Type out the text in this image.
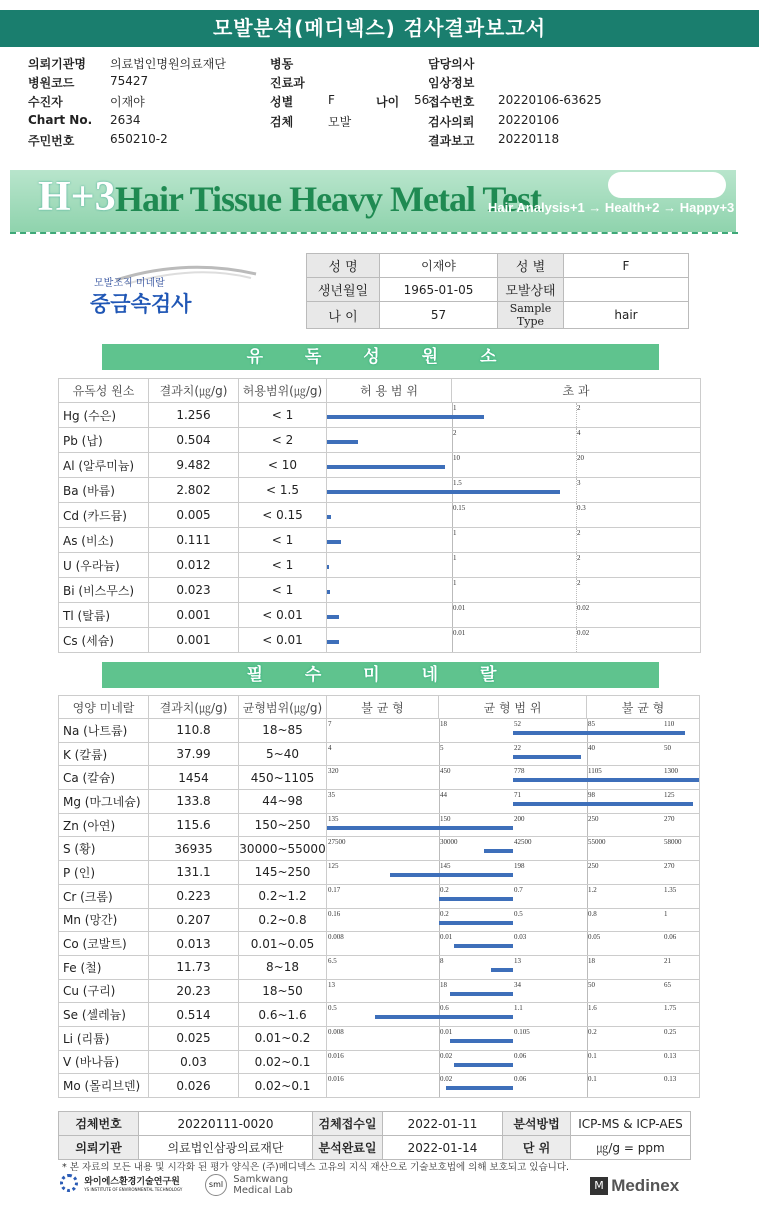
모발분석(메디넥스) 검사결과보고서
의뢰기관명 의료법인명원의료재단
병원코드	75427
수진자	이재야
Chart No. 2634
주민번호	650210-2
병동
진료과
성별	F
검체	모발
담당의사
임상정보
접수번호 20220106-63625
검사의뢰 20220106
결과보고 20220118
나이 56
H+3 Hair Tissue Heavy Metal Test
Hair Analysis+1 → Health+2 → Happy+3
모발조직 미네랄
중금속검사
성 명	이재야	성 별	F
생년월일	1965-01-05	모발상태	
나 이	57	Sample Type	hair
유 독 성 원 소
유독성 원소	결과치(㎍/g)	허용범위(㎍/g)	허 용 범 위	초 과
Hg (수은)	1.256	< 1	1 2	

Pb (납)	0.504	< 2	2 4	

Al (알루미늄)	9.482	< 10	10 20	

Ba (바륨)	2.802	< 1.5	1.5 3	

Cd (카드뮴)	0.005	< 0.15	0.15 0.3	

As (비소)	0.111	< 1	1 2	

U (우라늄)	0.012	< 1	1 2	

Bi (비스무스)	0.023	< 1	1 2	

Tl (탈륨)	0.001	< 0.01	0.01 0.02	

Cs (세슘)	0.001	< 0.01	0.01 0.02	
필 수 미 네 랄
영양 미네랄	결과치(㎍/g)	균형범위(㎍/g)	불 균 형	균 형 범 위	불 균 형
Na (나트륨)	110.8	18~85	7 18 52 85 110		

K (칼륨)	37.99	5~40	4 5 22 40 50		

Ca (칼슘)	1454	450~1105	320 450 778 1105 1300		

Mg (마그네슘)	133.8	44~98	35 44 71 98 125		

Zn (아연)	115.6	150~250	135 150 200 250 270		

S (황)	36935	30000~55000	27500 30000 42500 55000 58000		

P (인)	131.1	145~250	125 145 198 250 270		

Cr (크롬)	0.223	0.2~1.2	0.17 0.2 0.7 1.2 1.35		

Mn (망간)	0.207	0.2~0.8	0.16 0.2 0.5 0.8 1		

Co (코발트)	0.013	0.01~0.05	0.008 0.01 0.03 0.05 0.06		

Fe (철)	11.73	8~18	6.5 8 13 18 21		

Cu (구리)	20.23	18~50	13 18 34 50 65		

Se (셀레늄)	0.514	0.6~1.6	0.5 0.6 1.1 1.6 1.75		

Li (리튬)	0.025	0.01~0.2	0.008 0.01 0.105 0.2 0.25		

V (바나듐)	0.03	0.02~0.1	0.016 0.02 0.06 0.1 0.13		

Mo (몰리브덴)	0.026	0.02~0.1	0.016 0.02 0.06 0.1 0.13		
검체번호	20220111-0020	검체접수일	2022-01-11	분석방법	ICP-MS & ICP-AES
의뢰기관	의료법인삼광의료재단	분석완료일	2022-01-14	단 위	㎍/g = ppm
* 본 자료의 모든 내용 및 시각화 된 평가 양식은 (주)메디넥스 고유의 지식 재산으로 기술보호법에 의해 보호되고 있습니다.

와이에스환경기술연구원
YS INSTITUTE OF ENVIRONMENTAL TECHNOLOGY
sml Samkwang
Medical Lab	M Medinex
